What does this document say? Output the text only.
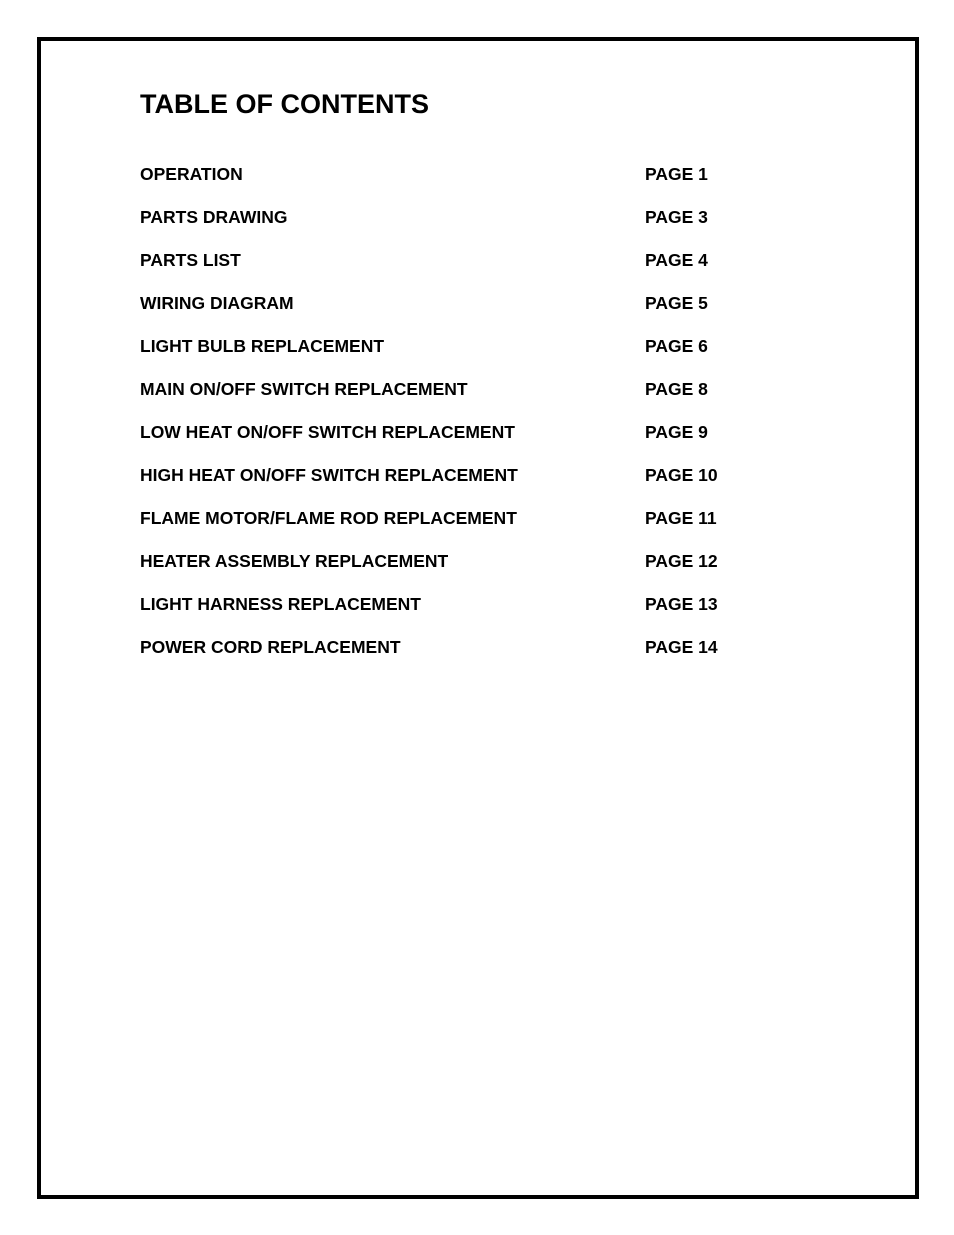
TABLE OF CONTENTS
OPERATION	PAGE 1
PARTS DRAWING	PAGE 3
PARTS LIST	PAGE 4
WIRING DIAGRAM	PAGE 5
LIGHT BULB REPLACEMENT	PAGE 6
MAIN ON/OFF SWITCH REPLACEMENT	PAGE 8
LOW HEAT ON/OFF SWITCH REPLACEMENT	PAGE 9
HIGH HEAT ON/OFF SWITCH REPLACEMENT	PAGE 10
FLAME MOTOR/FLAME ROD REPLACEMENT	PAGE 11
HEATER ASSEMBLY REPLACEMENT	PAGE 12
LIGHT HARNESS REPLACEMENT	PAGE 13
POWER CORD REPLACEMENT	PAGE 14
